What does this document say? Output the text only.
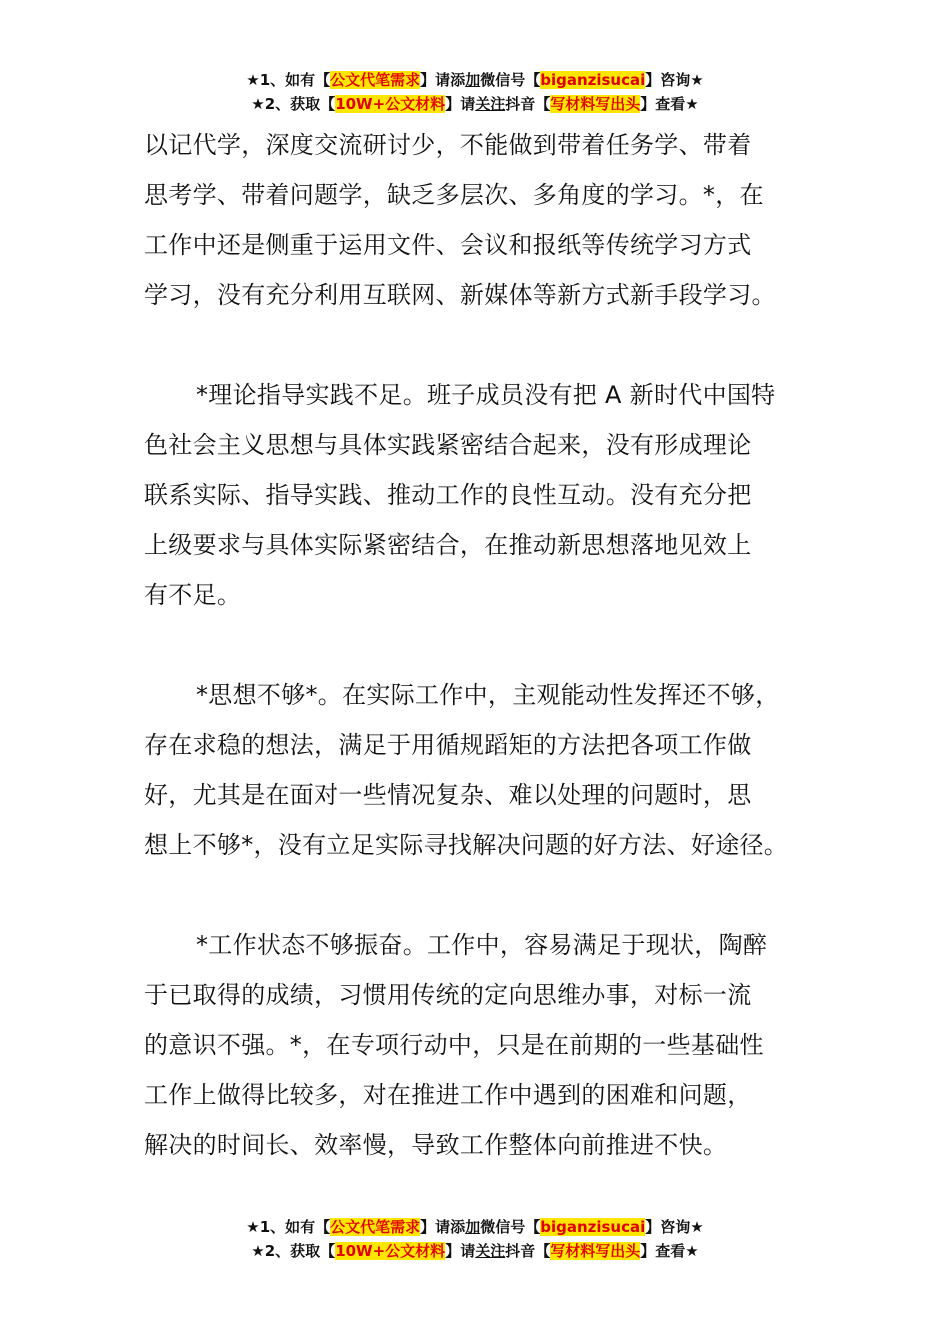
★1、如有【公文代笔需求】请添加微信号【biganzisucai】咨询★
★2、获取【10W+公文材料】请关注抖音【写材料写出头】查看★
以记代学，深度交流研讨少，不能做到带着任务学、带着
思考学、带着问题学，缺乏多层次、多角度的学习。*，在
工作中还是侧重于运用文件、会议和报纸等传统学习方式
学习，没有充分利用互联网、新媒体等新方式新手段学习。
*理论指导实践不足。班子成员没有把 A 新时代中国特
色社会主义思想与具体实践紧密结合起来，没有形成理论
联系实际、指导实践、推动工作的良性互动。没有充分把
上级要求与具体实际紧密结合，在推动新思想落地见效上
有不足。
*思想不够*。在实际工作中，主观能动性发挥还不够，
存在求稳的想法，满足于用循规蹈矩的方法把各项工作做
好，尤其是在面对一些情况复杂、难以处理的问题时，思
想上不够*，没有立足实际寻找解决问题的好方法、好途径。
*工作状态不够振奋。工作中，容易满足于现状，陶醉
于已取得的成绩，习惯用传统的定向思维办事，对标一流
的意识不强。*，在专项行动中，只是在前期的一些基础性
工作上做得比较多，对在推进工作中遇到的困难和问题，
解决的时间长、效率慢，导致工作整体向前推进不快。
★1、如有【公文代笔需求】请添加微信号【biganzisucai】咨询★
★2、获取【10W+公文材料】请关注抖音【写材料写出头】查看★
